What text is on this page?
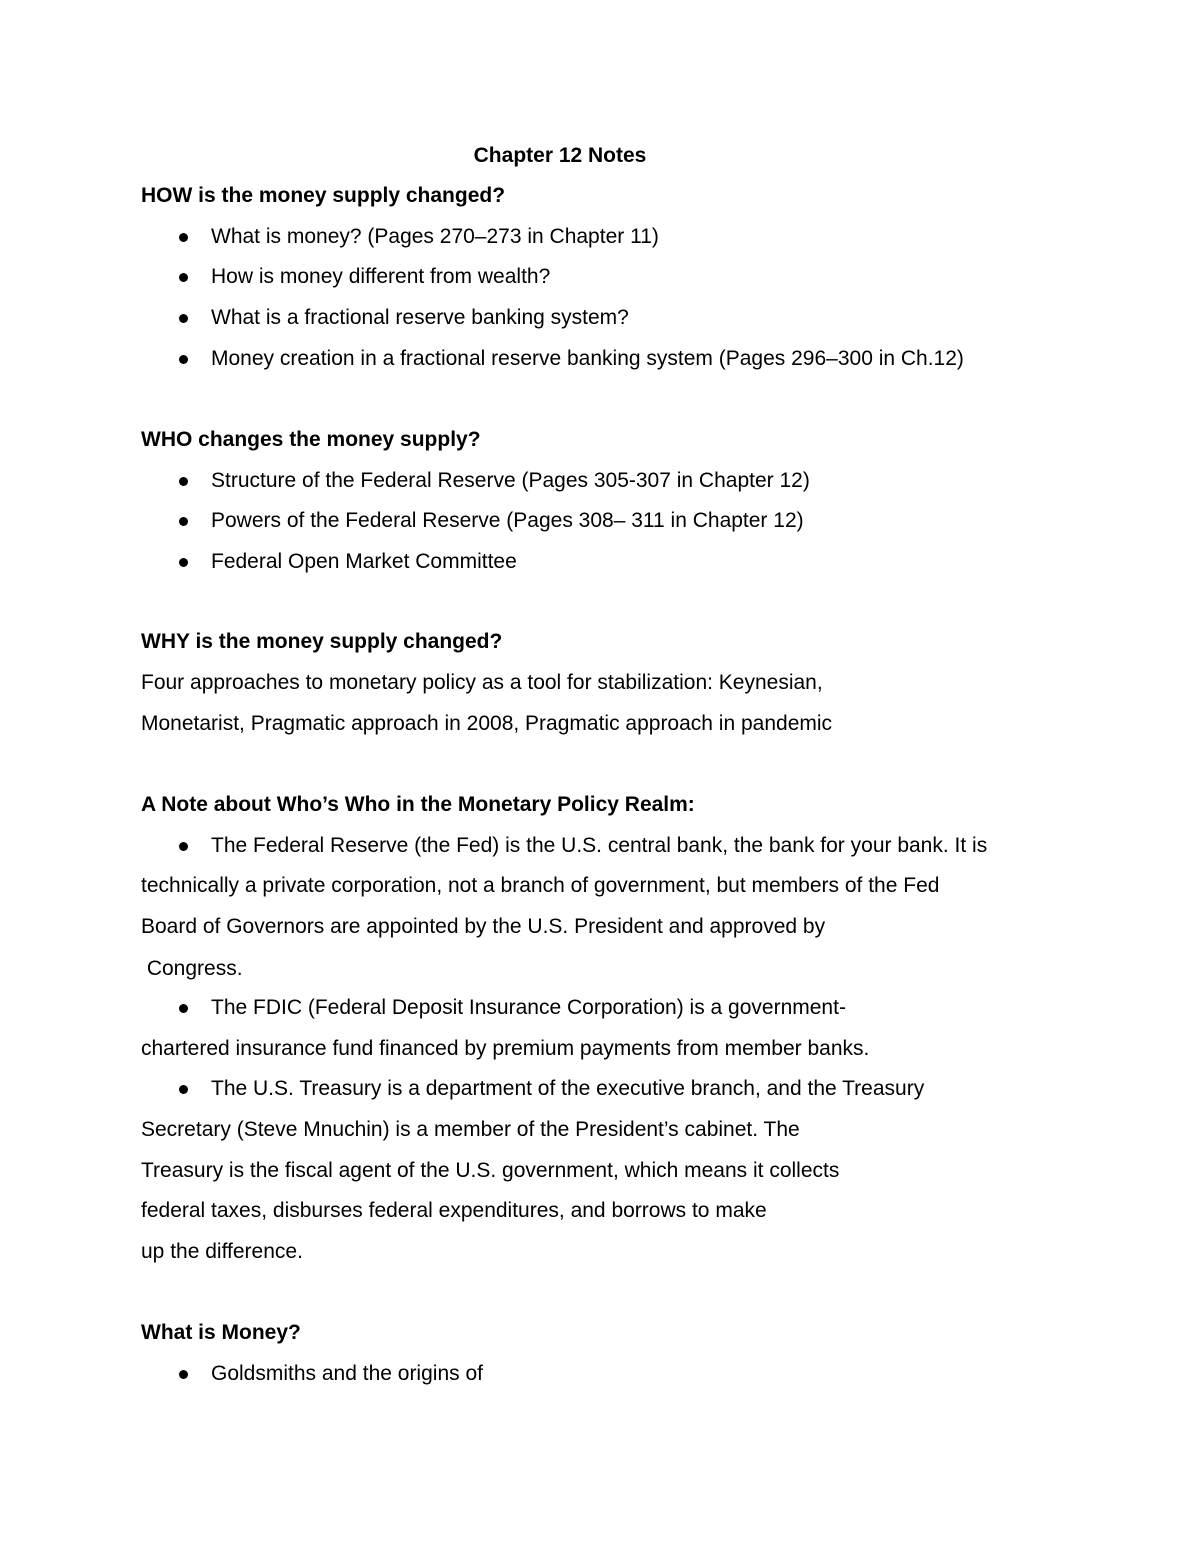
Chapter 12 Notes
HOW is the money supply changed?
What is money? (Pages 270–273 in Chapter 11)
How is money different from wealth?
What is a fractional reserve banking system?
Money creation in a fractional reserve banking system (Pages 296–300 in Ch.12)
WHO changes the money supply?
Structure of the Federal Reserve (Pages 305-307 in Chapter 12)
Powers of the Federal Reserve (Pages 308– 311 in Chapter 12)
Federal Open Market Committee
WHY is the money supply changed?
Four approaches to monetary policy as a tool for stabilization: Keynesian,
Monetarist, Pragmatic approach in 2008, Pragmatic approach in pandemic
A Note about Who’s Who in the Monetary Policy Realm:
The Federal Reserve (the Fed) is the U.S. central bank, the bank for your bank. It is
technically a private corporation, not a branch of government, but members of the Fed
Board of Governors are appointed by the U.S. President and approved by
Congress.
The FDIC (Federal Deposit Insurance Corporation) is a government-
chartered insurance fund financed by premium payments from member banks.
The U.S. Treasury is a department of the executive branch, and the Treasury
Secretary (Steve Mnuchin) is a member of the President’s cabinet. The
Treasury is the fiscal agent of the U.S. government, which means it collects
federal taxes, disburses federal expenditures, and borrows to make
up the difference.
What is Money?
Goldsmiths and the origins of
